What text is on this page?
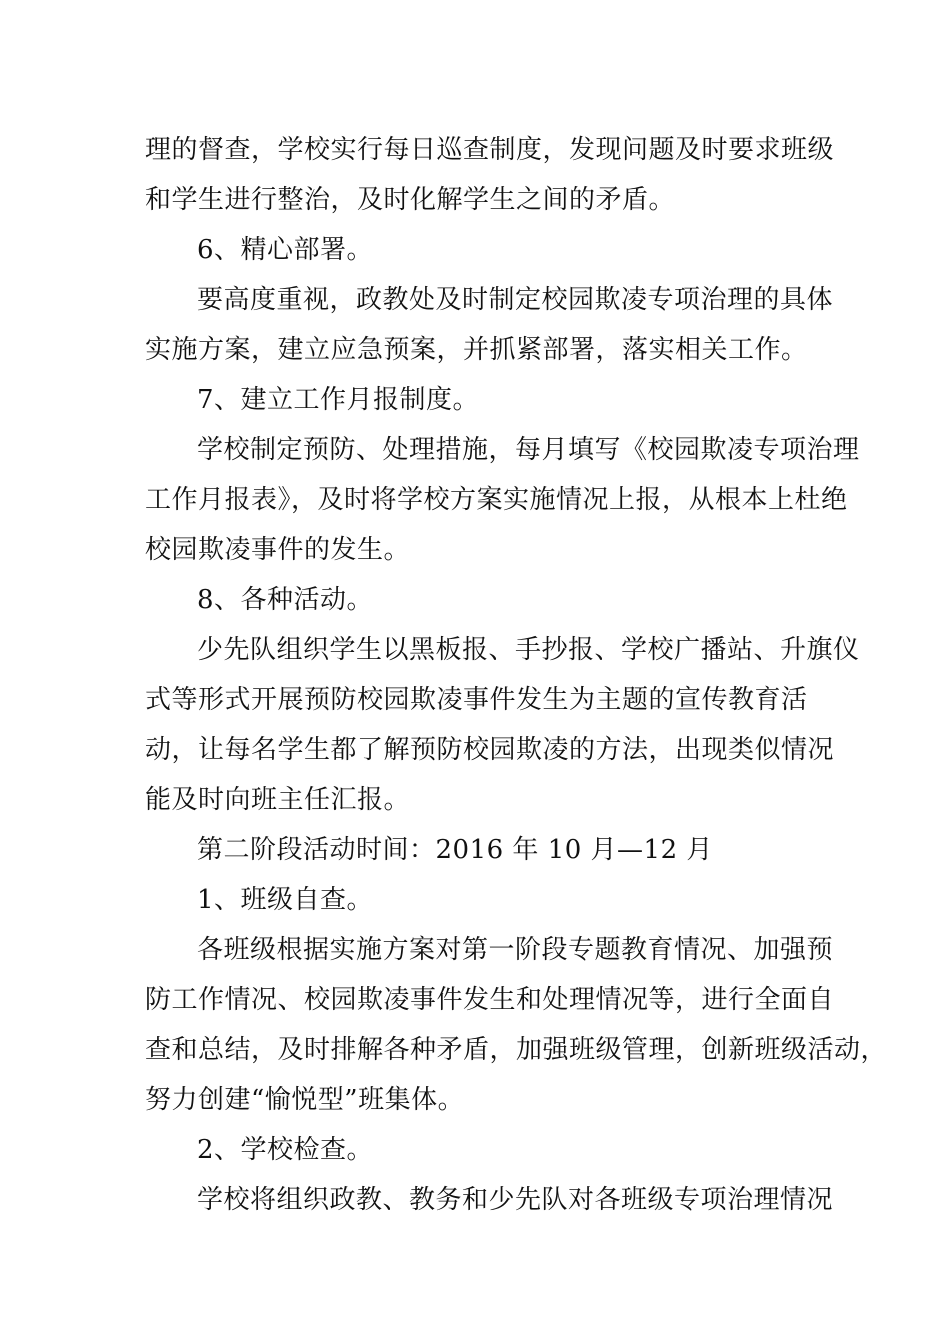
理的督查，学校实行每日巡查制度，发现问题及时要求班级
和学生进行整治，及时化解学生之间的矛盾。
6、精心部署。
要高度重视，政教处及时制定校园欺凌专项治理的具体
实施方案，建立应急预案，并抓紧部署，落实相关工作。
7、建立工作月报制度。
学校制定预防、处理措施，每月填写《校园欺凌专项治理
工作月报表》，及时将学校方案实施情况上报，从根本上杜绝
校园欺凌事件的发生。
8、各种活动。
少先队组织学生以黑板报、手抄报、学校广播站、升旗仪
式等形式开展预防校园欺凌事件发生为主题的宣传教育活
动，让每名学生都了解预防校园欺凌的方法，出现类似情况
能及时向班主任汇报。
第二阶段活动时间：2016 年 10 月—12 月
1、班级自查。
各班级根据实施方案对第一阶段专题教育情况、加强预
防工作情况、校园欺凌事件发生和处理情况等，进行全面自
查和总结，及时排解各种矛盾，加强班级管理，创新班级活动，
努力创建“愉悦型”班集体。
2、学校检查。
学校将组织政教、教务和少先队对各班级专项治理情况
